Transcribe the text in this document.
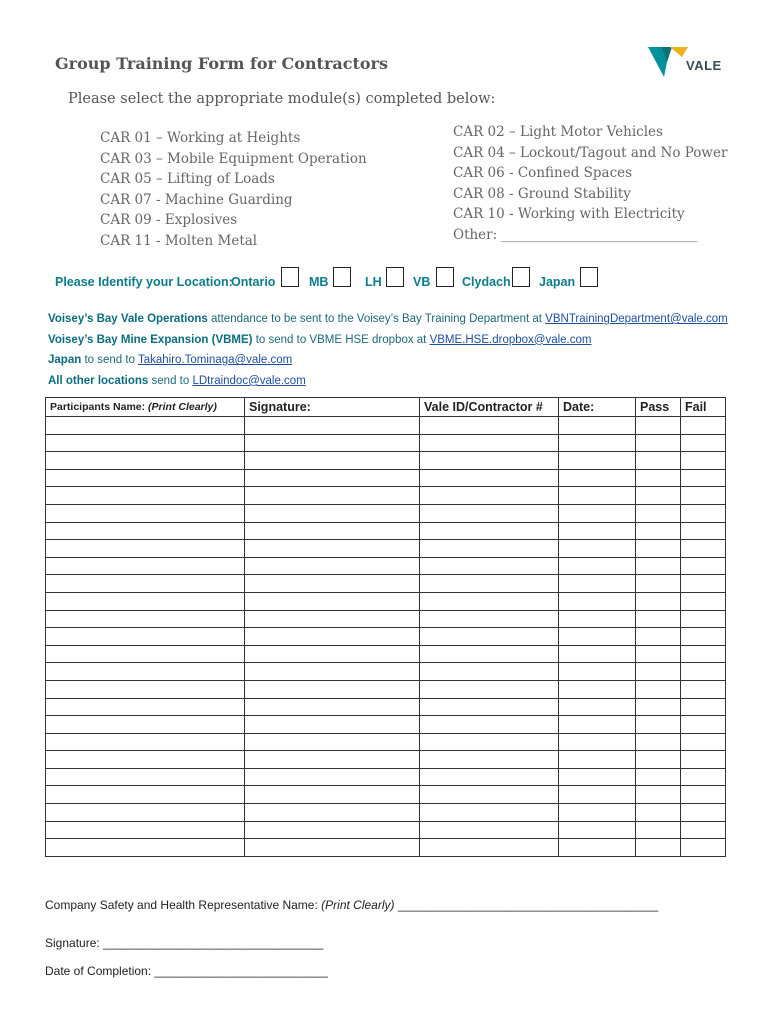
Group Training Form for Contractors	VALE
Please select the appropriate module(s) completed below:
CAR 01 – Working at Heights
CAR 03 – Mobile Equipment Operation
CAR 05 – Lifting of Loads
CAR 07 - Machine Guarding
CAR 09 - Explosives
CAR 11 - Molten Metal
CAR 02 – Light Motor Vehicles
CAR 04 – Lockout/Tagout and No Power
CAR 06 - Confined Spaces
CAR 08 - Ground Stability
CAR 10 - Working with Electricity
Other: _____________________________
Please Identify your Location:
Ontario	MB	LH	VB	Clydach Japan
Voisey’s Bay Vale Operations attendance to be sent to the Voisey’s Bay Training Department at VBNTrainingDepartment@vale.com
Voisey’s Bay Mine Expansion (VBME) to send to VBME HSE dropbox at VBME.HSE.dropbox@vale.com
Japan to send to Takahiro.Tominaga@vale.com
All other locations send to LDtraindoc@vale.com
Participants Name: (Print Clearly)	Signature:	Vale ID/Contractor #	Date:	Pass	Fail

Company Safety and Health Representative Name: (Print Clearly) _______________________________________
Signature: _________________________________
Date of Completion: __________________________
